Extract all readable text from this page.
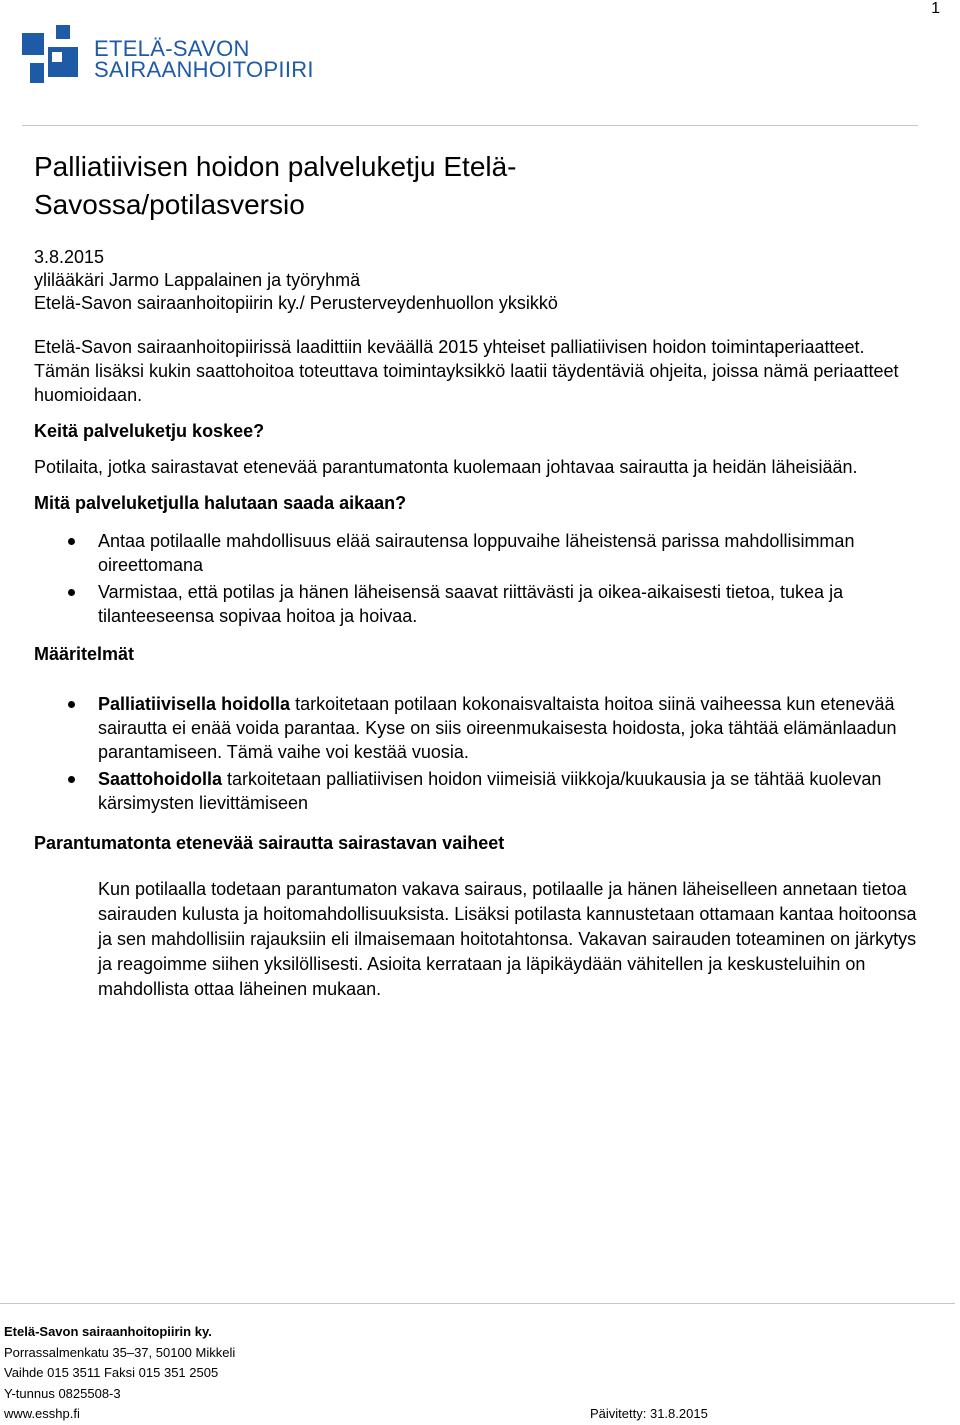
1
ETELÄ-SAVON
SAIRAANHOITOPIIRI
Palliatiivisen hoidon palveluketju Etelä-Savossa/potilasversio
3.8.2015
ylilääkäri Jarmo Lappalainen ja työryhmä
Etelä-Savon sairaanhoitopiirin ky./ Perusterveydenhuollon yksikkö

Etelä-Savon sairaanhoitopiirissä laadittiin keväällä 2015 yhteiset palliatiivisen hoidon toimintaperiaatteet. Tämän lisäksi kukin saattohoitoa toteuttava toimintayksikkö laatii täydentäviä ohjeita, joissa nämä periaatteet huomioidaan.

Keitä palveluketju koskee?

Potilaita, jotka sairastavat etenevää parantumatonta kuolemaan johtavaa sairautta ja heidän läheisiään.

Mitä palveluketjulla halutaan saada aikaan?
Antaa potilaalle mahdollisuus elää sairautensa loppuvaihe läheistensä parissa mahdollisimman oireettomana
Varmistaa, että potilas ja hänen läheisensä saavat riittävästi ja oikea-aikaisesti tietoa, tukea ja tilanteeseensa sopivaa hoitoa ja hoivaa.
Määritelmät
Palliatiivisella hoidolla tarkoitetaan potilaan kokonaisvaltaista hoitoa siinä vaiheessa kun etenevää sairautta ei enää voida parantaa. Kyse on siis oireenmukaisesta hoidosta, joka tähtää elämänlaadun parantamiseen. Tämä vaihe voi kestää vuosia.
Saattohoidolla tarkoitetaan palliatiivisen hoidon viimeisiä viikkoja/kuukausia ja se tähtää kuolevan kärsimysten lievittämiseen
Parantumatonta etenevää sairautta sairastavan vaiheet

Kun potilaalla todetaan parantumaton vakava sairaus, potilaalle ja hänen läheiselleen annetaan tietoa sairauden kulusta ja hoitomahdollisuuksista. Lisäksi potilasta kannustetaan ottamaan kantaa hoitoonsa ja sen mahdollisiin rajauksiin eli ilmaisemaan hoitotahtonsa. Vakavan sairauden toteaminen on järkytys ja reagoimme siihen yksilöllisesti. Asioita kerrataan ja läpikäydään vähitellen ja keskusteluihin on mahdollista ottaa läheinen mukaan.

Etelä-Savon sairaanhoitopiirin ky.
Porrassalmenkatu 35–37, 50100 Mikkeli
Vaihde 015 3511 Faksi 015 351 2505
Y-tunnus 0825508-3
www.esshp.fi	Päivitetty: 31.8.2015
